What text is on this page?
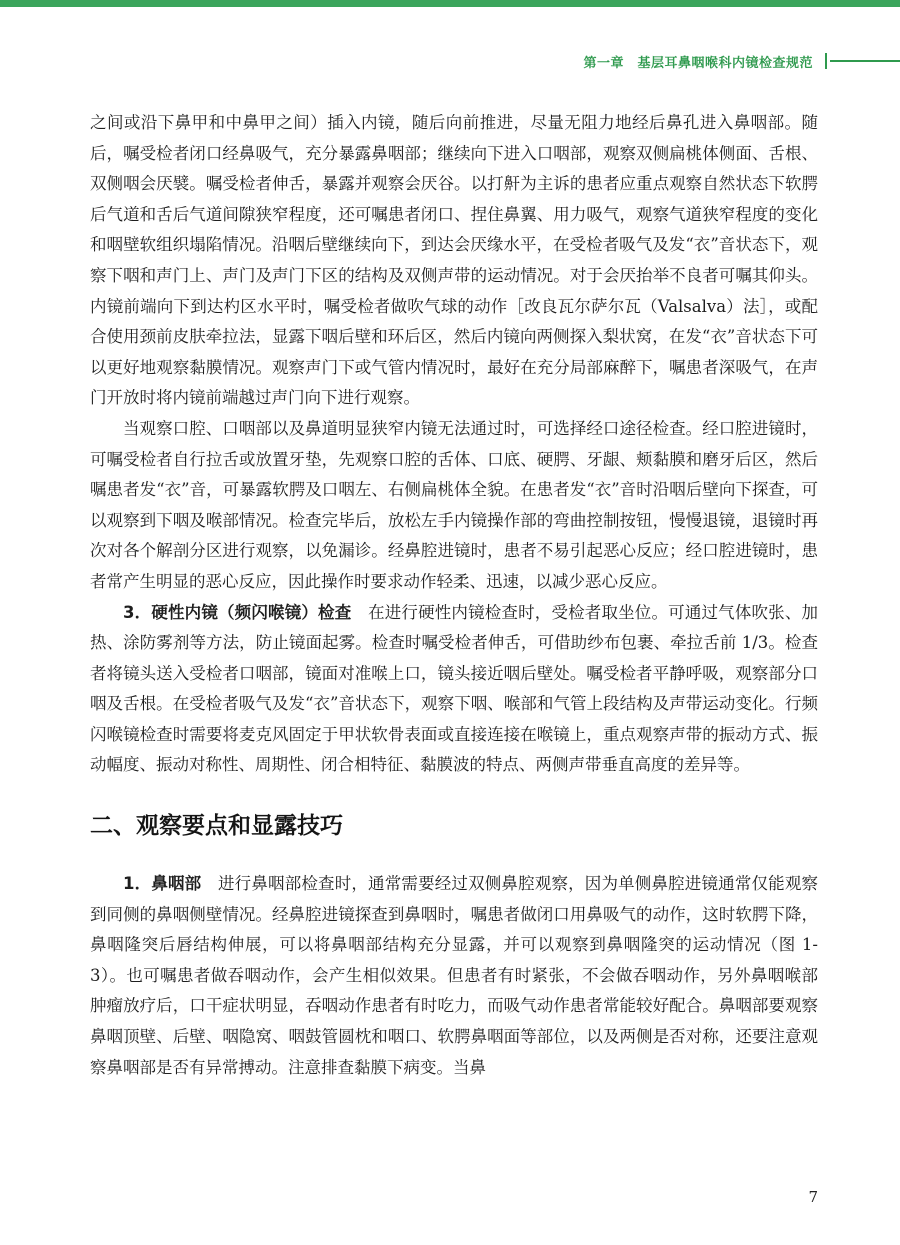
第一章　基层耳鼻咽喉科内镜检查规范

之间或沿下鼻甲和中鼻甲之间）插入内镜，随后向前推进，尽量无阻力地经后鼻孔进入鼻咽部。随后，嘱受检者闭口经鼻吸气，充分暴露鼻咽部；继续向下进入口咽部，观察双侧扁桃体侧面、舌根、双侧咽会厌襞。嘱受检者伸舌，暴露并观察会厌谷。以打鼾为主诉的患者应重点观察自然状态下软腭后气道和舌后气道间隙狭窄程度，还可嘱患者闭口、捏住鼻翼、用力吸气，观察气道狭窄程度的变化和咽壁软组织塌陷情况。沿咽后壁继续向下，到达会厌缘水平，在受检者吸气及发“衣”音状态下，观察下咽和声门上、声门及声门下区的结构及双侧声带的运动情况。对于会厌抬举不良者可嘱其仰头。内镜前端向下到达杓区水平时，嘱受检者做吹气球的动作［改良瓦尔萨尔瓦（Valsalva）法］，或配合使用颈前皮肤牵拉法，显露下咽后壁和环后区，然后内镜向两侧探入梨状窝，在发“衣”音状态下可以更好地观察黏膜情况。观察声门下或气管内情况时，最好在充分局部麻醉下，嘱患者深吸气，在声门开放时将内镜前端越过声门向下进行观察。

当观察口腔、口咽部以及鼻道明显狭窄内镜无法通过时，可选择经口途径检查。经口腔进镜时，可嘱受检者自行拉舌或放置牙垫，先观察口腔的舌体、口底、硬腭、牙龈、颊黏膜和磨牙后区，然后嘱患者发“衣”音，可暴露软腭及口咽左、右侧扁桃体全貌。在患者发“衣”音时沿咽后壁向下探查，可以观察到下咽及喉部情况。检查完毕后，放松左手内镜操作部的弯曲控制按钮，慢慢退镜，退镜时再次对各个解剖分区进行观察，以免漏诊。经鼻腔进镜时，患者不易引起恶心反应；经口腔进镜时，患者常产生明显的恶心反应，因此操作时要求动作轻柔、迅速，以减少恶心反应。

3．硬性内镜（频闪喉镜）检查　 在进行硬性内镜检查时，受检者取坐位。可通过气体吹张、加热、涂防雾剂等方法，防止镜面起雾。检查时嘱受检者伸舌，可借助纱布包裹、牵拉舌前 1/3。检查者将镜头送入受检者口咽部，镜面对准喉上口，镜头接近咽后壁处。嘱受检者平静呼吸，观察部分口咽及舌根。在受检者吸气及发“衣”音状态下，观察下咽、喉部和气管上段结构及声带运动变化。行频闪喉镜检查时需要将麦克风固定于甲状软骨表面或直接连接在喉镜上，重点观察声带的振动方式、振动幅度、振动对称性、周期性、闭合相特征、黏膜波的特点、两侧声带垂直高度的差异等。

二、观察要点和显露技巧

1．鼻咽部　 进行鼻咽部检查时，通常需要经过双侧鼻腔观察，因为单侧鼻腔进镜通常仅能观察到同侧的鼻咽侧壁情况。经鼻腔进镜探查到鼻咽时，嘱患者做闭口用鼻吸气的动作，这时软腭下降，鼻咽隆突后唇结构伸展，可以将鼻咽部结构充分显露，并可以观察到鼻咽隆突的运动情况（图 1-3）。也可嘱患者做吞咽动作，会产生相似效果。但患者有时紧张，不会做吞咽动作，另外鼻咽喉部肿瘤放疗后，口干症状明显，吞咽动作患者有时吃力，而吸气动作患者常能较好配合。鼻咽部要观察鼻咽顶壁、后壁、咽隐窝、咽鼓管圆枕和咽口、软腭鼻咽面等部位，以及两侧是否对称，还要注意观察鼻咽部是否有异常搏动。注意排查黏膜下病变。当鼻

7
